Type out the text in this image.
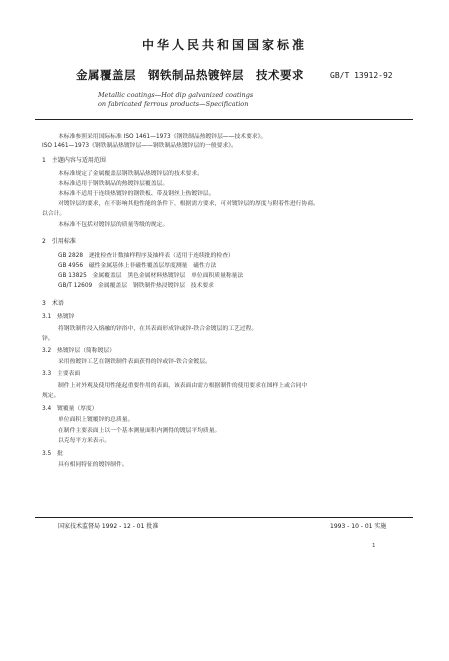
中华人民共和国国家标准
金属覆盖层　钢铁制品热镀锌层　技术要求	GB/T 13912-92
Metallic coatings—Hot dip galvanized coatings
on fabricated ferrous products—Specification
本标准参照采用国际标准 ISO 1461—1973《钢铁制品热镀锌层——技术要求》。
ISO 1461—1973《钢铁制品热镀锌层——钢铁制品热镀锌层的一般要求》。
1　主题内容与适用范围
本标准规定了金属覆盖层钢铁制品热镀锌层的技术要求。
本标准适用于钢铁制品的热镀锌层覆盖层。
本标准不适用于连续热镀锌的钢铁板、带及钢丝上热镀锌层。
对镀锌层的要求，在不影响其他性能的条件下，根据需方要求，可对镀锌层的厚度与附着性进行协商。
以合计。
本标准不包括对镀锌层的质量等级的规定。
2　引用标准
GB 2828　逐批检查计数抽样程序及抽样表（适用于连续批的检查）
GB 4956　磁性金属基体上非磁性覆盖层厚度测量　磁性方法
GB 13825　金属覆盖层　黑色金属材料热镀锌层　单位面积质量称量法
GB/T 12609　金属覆盖层　钢铁制件热浸镀锌层　技术要求
3　术语
3.1　热镀锌
将钢铁制件浸入熔融的锌浴中，在其表面形成锌或锌-铁合金镀层的工艺过程。
锌。
3.2　热镀锌层（简称镀层）
采用热镀锌工艺在钢铁制件表面获得的锌或锌-铁合金镀层。
3.3　主要表面
制件上对外观及使用性能起重要作用的表面，该表面由需方根据制件的使用要求在图样上或合同中
规定。
3.4　镀覆量（厚度）
单位面积上镀覆锌的总质量。
在制件主要表面上以一个基本测量面积内测得的镀层平均质量。
以克每平方米表示。
3.5　批
具有相同特征的镀锌制件。
国家技术监督局 1992 - 12 - 01 批准	1993 - 10 - 01 实施
1
